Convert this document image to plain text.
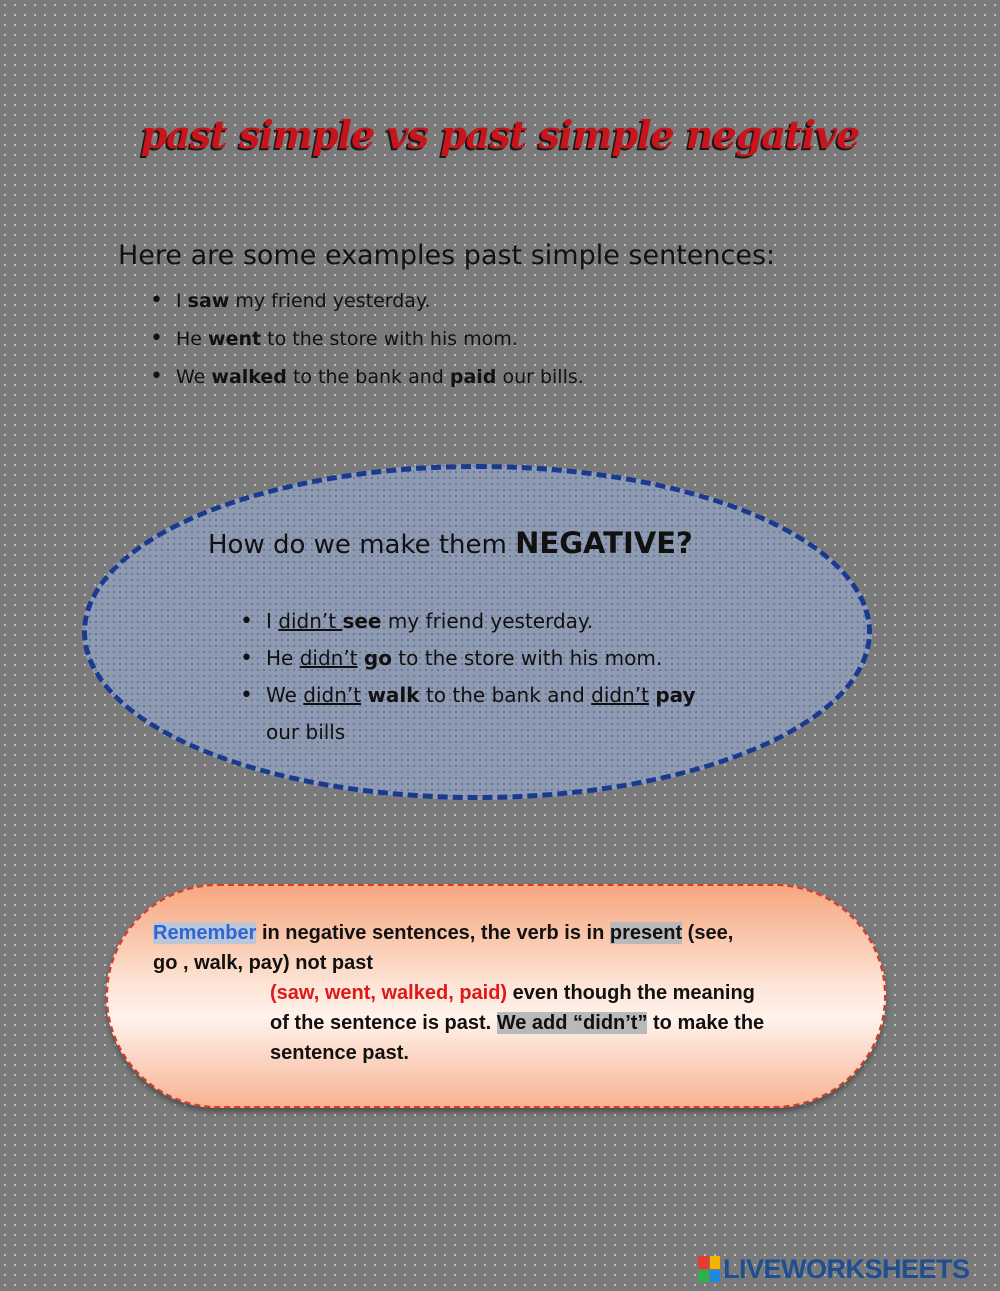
past simple vs past simple negative
Here are some examples past simple sentences:
• I saw my friend yesterday.
• He went to the store with his mom.
• We walked to the bank and paid our bills.
How do we make them NEGATIVE?
• I didn’t see my friend yesterday.
• He didn’t go to the store with his mom.
• We didn’t walk to the bank and didn’t pay our bills
Remember in negative sentences, the verb is in present (see,
go , walk, pay) not past
(saw, went, walked, paid) even though the meaning
of the sentence is past. We add “didn’t” to make the
sentence past.
LIVEWORKSHEETS
